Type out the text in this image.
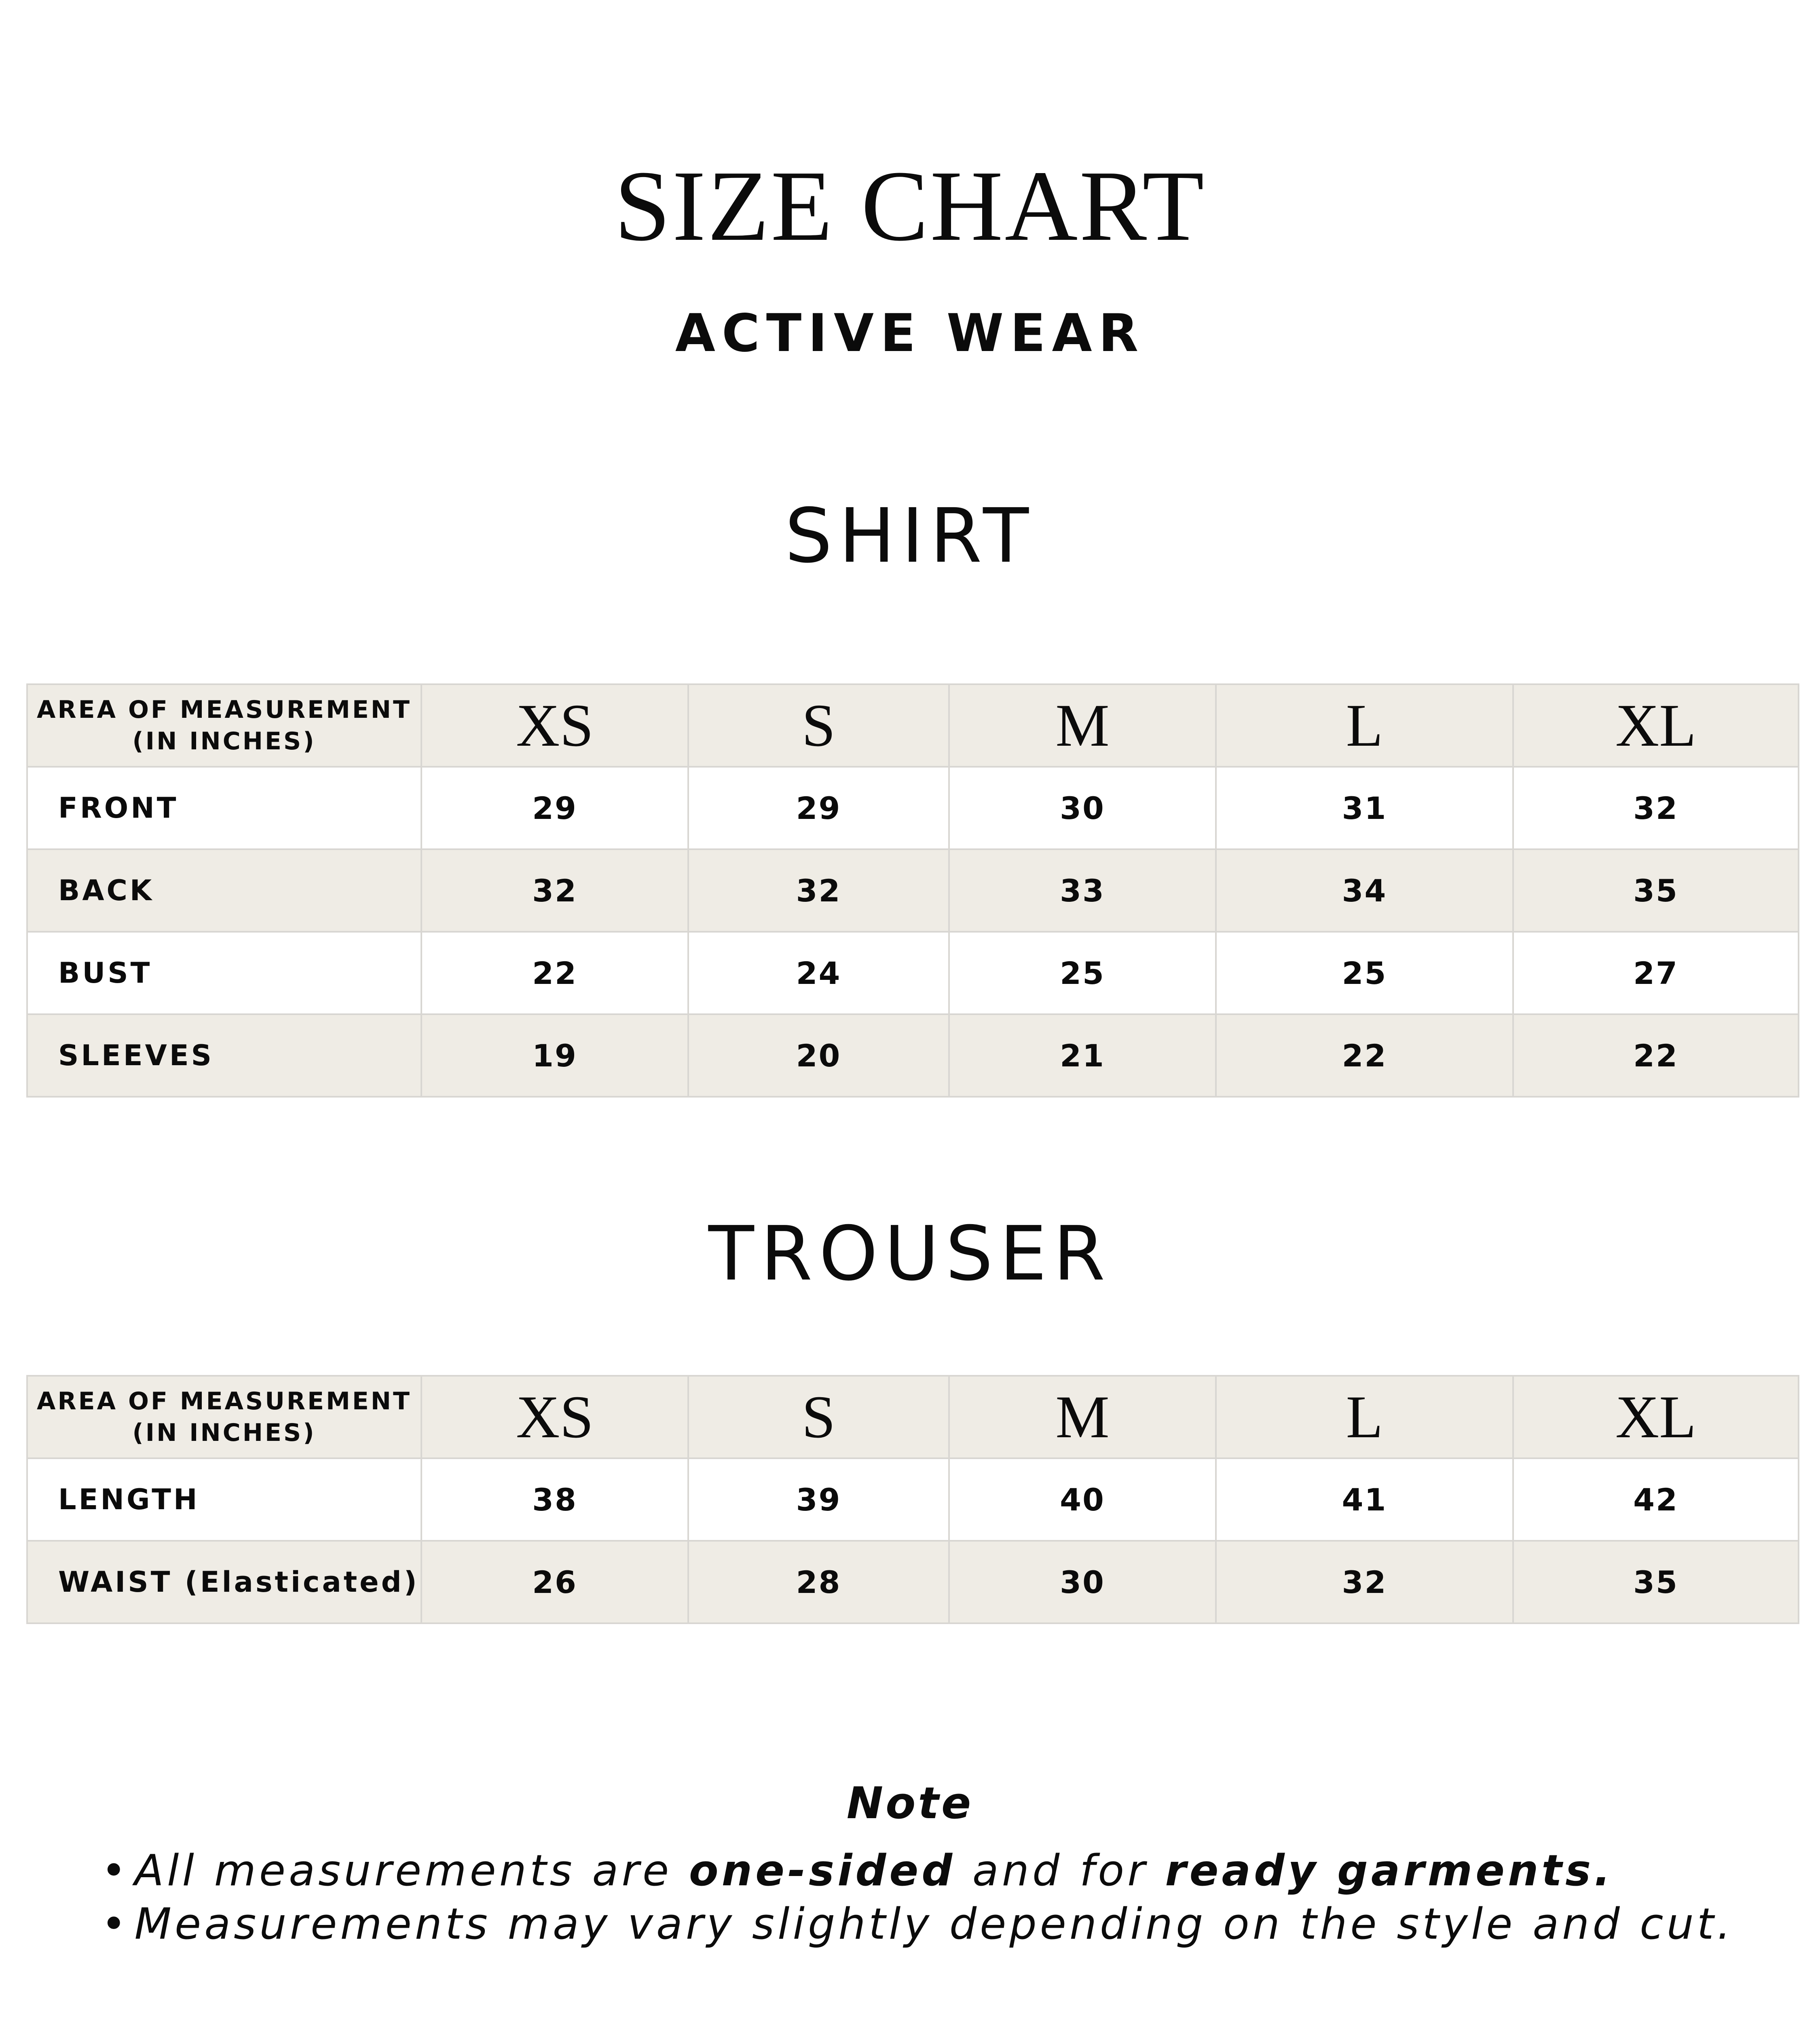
SIZE CHART
ACTIVE WEAR
SHIRT
AREA OF MEASUREMENT
(IN INCHES)	XS	S	M	L	XL
FRONT	29	29	30	31	32
BACK	32	32	33	34	35
BUST	22	24	25	25	27
SLEEVES	19	20	21	22	22
TROUSER
AREA OF MEASUREMENT
(IN INCHES)	XS	S	M	L	XL
LENGTH	38	39	40	41	42
WAIST (Elasticated)	26	28	30	32	35
Note
• All measurements are one-sided and for ready garments.
• Measurements may vary slightly depending on the style and cut.
